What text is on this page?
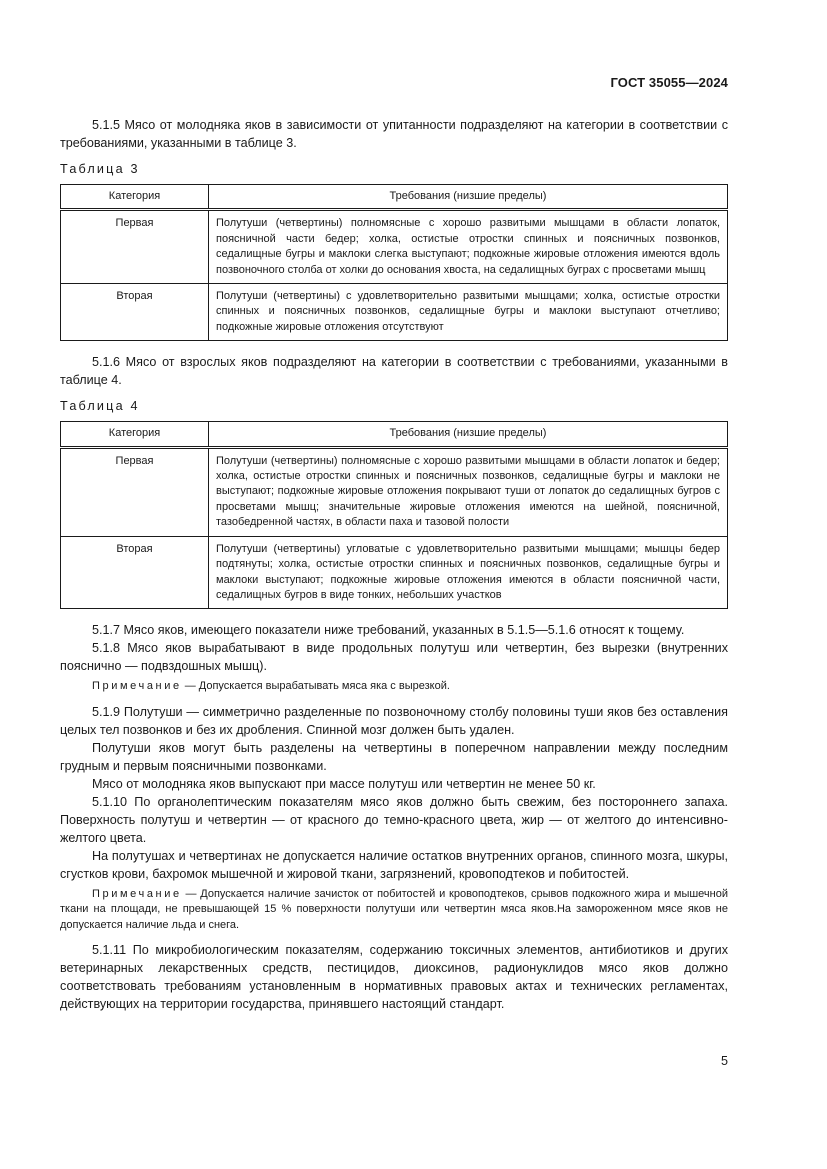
ГОСТ 35055—2024

5.1.5 Мясо от молодняка яков в зависимости от упитанности подразделяют на категории в соответствии с требованиями, указанными в таблице 3.

Таблица 3

Категория	Требования (низшие пределы)
Первая	Полутуши (четвертины) полномясные с хорошо развитыми мышцами в области лопаток, поясничной части бедер; холка, остистые отростки спинных и поясничных позвонков, седалищные бугры и маклоки слегка выступают; подкожные жировые отложения имеются вдоль позвоночного столба от холки до основания хвоста, на седалищных буграх с просветами мышц
Вторая	Полутуши (четвертины) с удовлетворительно развитыми мышцами; холка, остистые отростки спинных и поясничных позвонков, седалищные бугры и маклоки выступают отчетливо; подкожные жировые отложения отсутствуют

5.1.6 Мясо от взрослых яков подразделяют на категории в соответствии с требованиями, указанными в таблице 4.

Таблица 4

Категория	Требования (низшие пределы)
Первая	Полутуши (четвертины) полномясные с хорошо развитыми мышцами в области лопаток и бедер; холка, остистые отростки спинных и поясничных позвонков, седалищные бугры и маклоки не выступают; подкожные жировые отложения покрывают туши от лопаток до седалищных бугров с просветами мышц; значительные жировые отложения имеются на шейной, поясничной, тазобедренной частях, в области паха и тазовой полости
Вторая	Полутуши (четвертины) угловатые с удовлетворительно развитыми мышцами; мышцы бедер подтянуты; холка, остистые отростки спинных и поясничных позвонков, седалищные бугры и маклоки выступают; подкожные жировые отложения имеются в области поясничной части, седалищных бугров в виде тонких, небольших участков

5.1.7 Мясо яков, имеющего показатели ниже требований, указанных в 5.1.5—5.1.6 относят к тощему.

5.1.8 Мясо яков вырабатывают в виде продольных полутуш или четвертин, без вырезки (внутренних пояснично — подвздошных мышц).

Примечание — Допускается вырабатывать мяса яка с вырезкой.

5.1.9 Полутуши — симметрично разделенные по позвоночному столбу половины туши яков без оставления целых тел позвонков и без их дробления. Спинной мозг должен быть удален.

Полутуши яков могут быть разделены на четвертины в поперечном направлении между последним грудным и первым поясничными позвонками.

Мясо от молодняка яков выпускают при массе полутуш или четвертин не менее 50 кг.

5.1.10 По органолептическим показателям мясо яков должно быть свежим, без постороннего запаха. Поверхность полутуш и четвертин — от красного до темно-красного цвета, жир — от желтого до интенсивно-желтого цвета.

На полутушах и четвертинах не допускается наличие остатков внутренних органов, спинного мозга, шкуры, сгустков крови, бахромок мышечной и жировой ткани, загрязнений, кровоподтеков и побитостей.

Примечание — Допускается наличие зачисток от побитостей и кровоподтеков, срывов подкожного жира и мышечной ткани на площади, не превышающей 15 % поверхности полутуши или четвертин мяса яков.На замороженном мясе яков не допускается наличие льда и снега.

5.1.11 По микробиологическим показателям, содержанию токсичных элементов, антибиотиков и других ветеринарных лекарственных средств, пестицидов, диоксинов, радионуклидов мясо яков должно соответствовать требованиям установленным в нормативных правовых актах и технических регламентах, действующих на территории государства, принявшего настоящий стандарт.

5
